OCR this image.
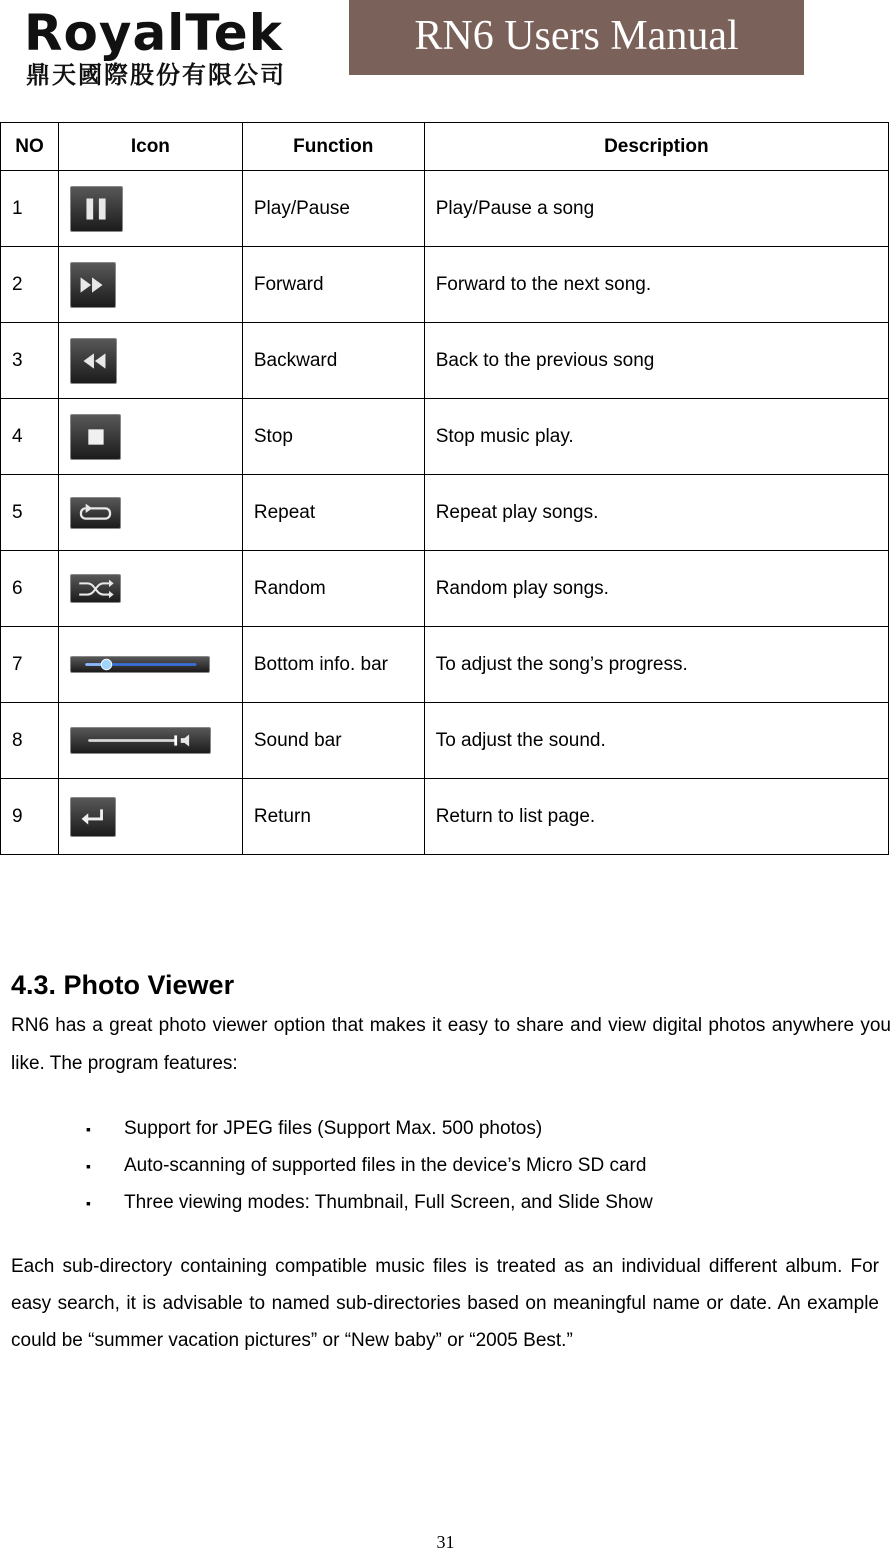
RoyalTek
鼎天國際股份有限公司
RN6 Users Manual
NO	Icon	Function	Description
1		Play/Pause	Play/Pause a song
2		Forward	Forward to the next song.
3		Backward	Back to the previous song
4		Stop	Stop music play.
5		Repeat	Repeat play songs.
6		Random	Random play songs.
7		Bottom info. bar	To adjust the song’s progress.
8		Sound bar	To adjust the sound.
9		Return	Return to list page.
4.3. Photo Viewer

RN6 has a great photo viewer option that makes it easy to share and view digital photos anywhere you like. The program features:

▪ Support for JPEG files (Support Max. 500 photos)
▪ Auto-scanning of supported files in the device’s Micro SD card
▪ Three viewing modes: Thumbnail, Full Screen, and Slide Show

Each sub-directory containing compatible music files is treated as an individual different album. For easy search, it is advisable to named sub-directories based on meaningful name or date. An example could be “summer vacation pictures” or “New baby” or “2005 Best.”

31
